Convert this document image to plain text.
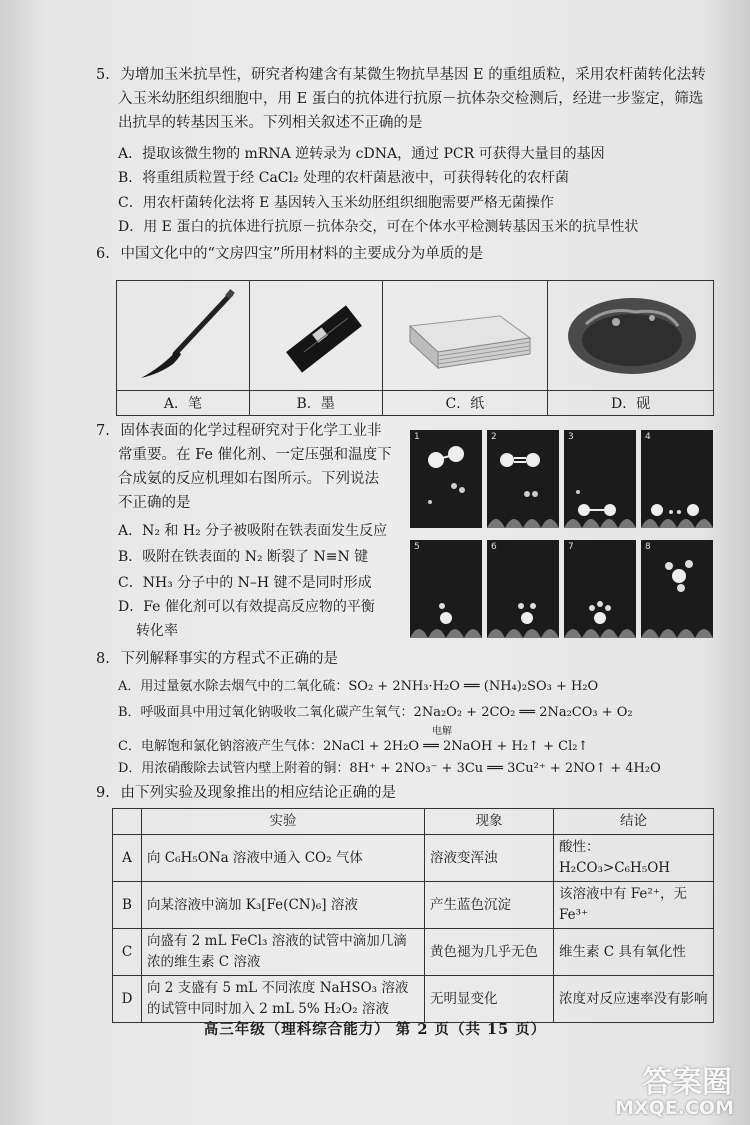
5. 为增加玉米抗旱性，研究者构建含有某微生物抗旱基因 E 的重组质粒，采用农杆菌转化法转
入玉米幼胚组织细胞中，用 E 蛋白的抗体进行抗原－抗体杂交检测后，经进一步鉴定，筛选
出抗旱的转基因玉米。下列相关叙述不正确的是
A．提取该微生物的 mRNA 逆转录为 cDNA，通过 PCR 可获得大量目的基因
B．将重组质粒置于经 CaCl₂ 处理的农杆菌悬液中，可获得转化的农杆菌
C．用农杆菌转化法将 E 基因转入玉米幼胚组织细胞需要严格无菌操作
D．用 E 蛋白的抗体进行抗原－抗体杂交，可在个体水平检测转基因玉米的抗旱性状
6. 中国文化中的“文房四宝”所用材料的主要成分为单质的是

A．笔	B．墨	C．纸	D．砚
7. 固体表面的化学过程研究对于化学工业非
常重要。在 Fe 催化剂、一定压强和温度下
合成氨的反应机理如右图所示。下列说法
不正确的是
A．N₂ 和 H₂ 分子被吸附在铁表面发生反应
B．吸附在铁表面的 N₂ 断裂了 N≡N 键
C．NH₃ 分子中的 N–H 键不是同时形成
D．Fe 催化剂可以有效提高反应物的平衡
转化率
1	2	3	4
5	6	7	8
8. 下列解释事实的方程式不正确的是
A．用过量氨水除去烟气中的二氧化硫：SO₂ + 2NH₃·H₂O ══ (NH₄)₂SO₃ + H₂O
B．呼吸面具中用过氧化钠吸收二氧化碳产生氧气：2Na₂O₂ + 2CO₂ ══ 2Na₂CO₃ + O₂
C．电解饱和氯化钠溶液产生气体：2NaCl + 2H₂O ══ 2NaOH + H₂↑ + Cl₂↑
电解
D．用浓硝酸除去试管内壁上附着的铜：8H⁺ + 2NO₃⁻ + 3Cu ══ 3Cu²⁺ + 2NO↑ + 4H₂O
9. 由下列实验及现象推出的相应结论正确的是
	实验	现象	结论
A	向 C₆H₅ONa 溶液中通入 CO₂ 气体	溶液变浑浊	酸性：H₂CO₃>C₆H₅OH
B	向某溶液中滴加 K₃[Fe(CN)₆] 溶液	产生蓝色沉淀	该溶液中有 Fe²⁺，无 Fe³⁺
C	向盛有 2 mL FeCl₃ 溶液的试管中滴加几滴浓的维生素 C 溶液	黄色褪为几乎无色	维生素 C 具有氧化性
D	向 2 支盛有 5 mL 不同浓度 NaHSO₃ 溶液的试管中同时加入 2 mL 5% H₂O₂ 溶液	无明显变化	浓度对反应速率没有影响
高三年级（理科综合能力） 第 2 页（共 15 页）
答案圈
MXQE.COM
